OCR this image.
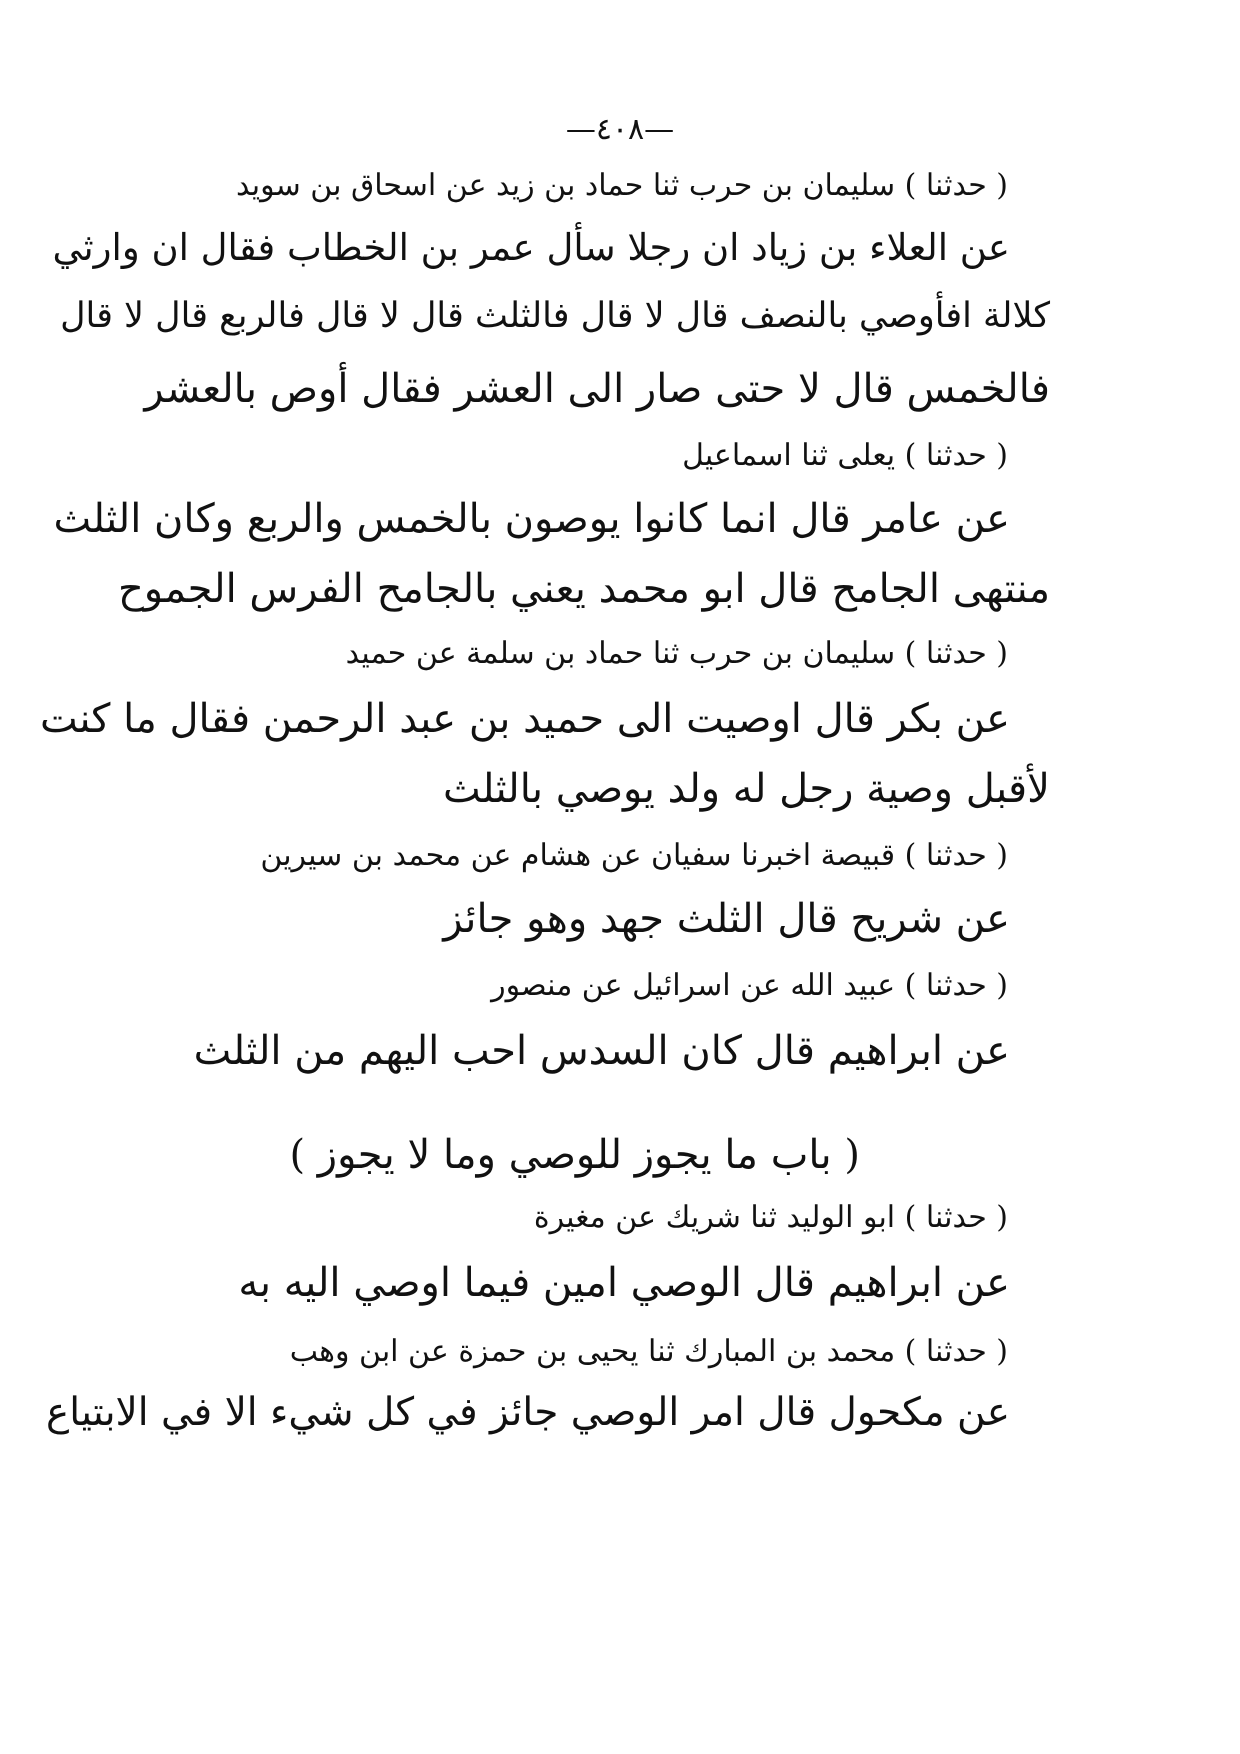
—٤٠٨—
( حدثنا ) سليمان بن حرب ثنا حماد بن زيد عن اسحاق بن سويد
عن العلاء بن زياد ان رجلا سأل عمر بن الخطاب فقال ان وارثي
كلالة افأوصي بالنصف قال لا قال فالثلث قال لا قال فالربع قال لا قال
فالخمس قال لا حتى صار الى العشر فقال أوص بالعشر
( حدثنا ) يعلى ثنا اسماعيل
عن عامر قال انما كانوا يوصون بالخمس والربع وكان الثلث
منتهى الجامح قال ابو محمد يعني بالجامح الفرس الجموح
( حدثنا ) سليمان بن حرب ثنا حماد بن سلمة عن حميد
عن بكر قال اوصيت الى حميد بن عبد الرحمن فقال ما كنت
لأقبل وصية رجل له ولد يوصي بالثلث
( حدثنا ) قبيصة اخبرنا سفيان عن هشام عن محمد بن سيرين
عن شريح قال الثلث جهد وهو جائز
( حدثنا ) عبيد الله عن اسرائيل عن منصور
عن ابراهيم قال كان السدس احب اليهم من الثلث
( باب ما يجوز للوصي وما لا يجوز )
( حدثنا ) ابو الوليد ثنا شريك عن مغيرة
عن ابراهيم قال الوصي امين فيما اوصي اليه به
( حدثنا ) محمد بن المبارك ثنا يحيى بن حمزة عن ابن وهب
عن مكحول قال امر الوصي جائز في كل شيء الا في الابتياع
